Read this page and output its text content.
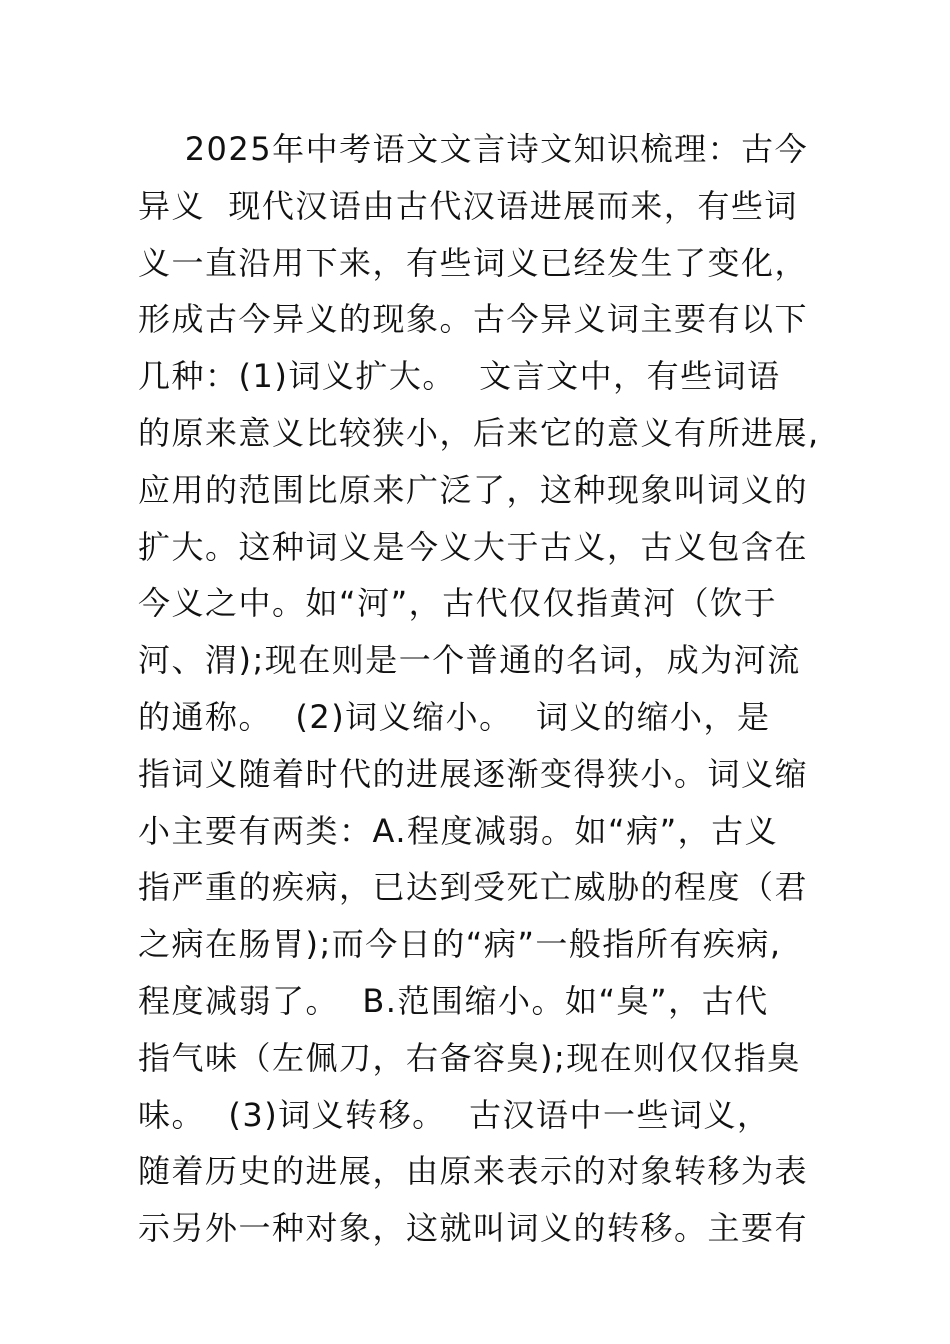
2025年中考语文文言诗文知识梳理：古今
异义  现代汉语由古代汉语进展而来，有些词
义一直沿用下来，有些词义已经发生了变化，
形成古今异义的现象。古今异义词主要有以下
几种：(1)词义扩大。  文言文中，有些词语
的原来意义比较狭小，后来它的意义有所进展,
应用的范围比原来广泛了，这种现象叫词义的
扩大。这种词义是今义大于古义，古义包含在
今义之中。如“河”，古代仅仅指黄河（饮于
河、渭);现在则是一个普通的名词，成为河流
的通称。  (2)词义缩小。  词义的缩小，是
指词义随着时代的进展逐渐变得狭小。词义缩
小主要有两类：A.程度减弱。如“病”，古义
指严重的疾病，已达到受死亡威胁的程度（君
之病在肠胃);而今日的“病”一般指所有疾病,
程度减弱了。  B.范围缩小。如“臭”，古代
指气味（左佩刀，右备容臭);现在则仅仅指臭
味。  (3)词义转移。  古汉语中一些词义，
随着历史的进展，由原来表示的对象转移为表
示另外一种对象，这就叫词义的转移。主要有
